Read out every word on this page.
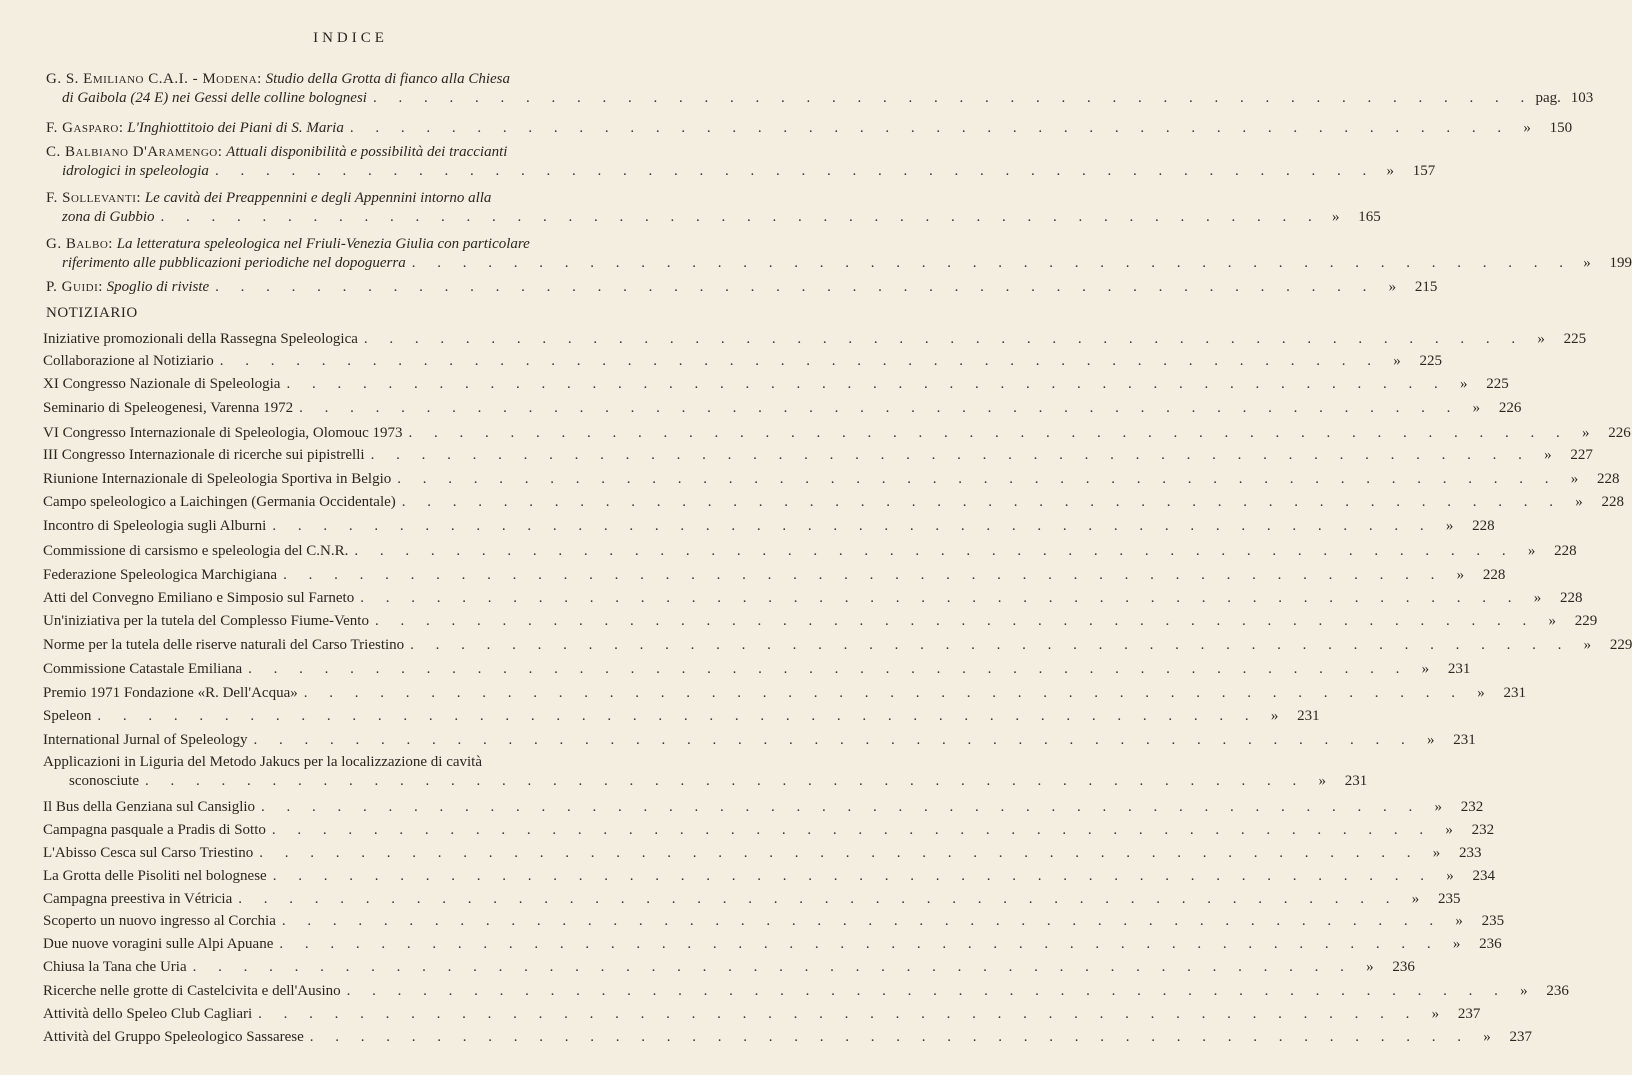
INDICE
G. S. Emiliano C.A.I. - Modena: Studio della Grotta di fianco alla Chiesa
di Gaibola (24 E) nei Gessi delle colline bolognesi . . .	pag. 103
F. Gasparo: L'Inghiottitoio dei Piani di S. Maria . . .	» 150
C. Balbiano D'Aramengo: Attuali disponibilità e possibilità dei traccianti
idrologici in speleologia . . .	» 157
F. Sollevanti: Le cavità dei Preappennini e degli Appennini intorno alla
zona di Gubbio . . .	» 165
G. Balbo: La letteratura speleologica nel Friuli-Venezia Giulia con particolare
riferimento alle pubblicazioni periodiche nel dopoguerra . . .	» 199
P. Guidi: Spoglio di riviste . . .	» 215
NOTIZIARIO
Iniziative promozionali della Rassegna Speleologica . . .	» 225
Collaborazione al Notiziario . . .	» 225
XI Congresso Nazionale di Speleologia . . .	» 225
Seminario di Speleogenesi, Varenna 1972 . . .	» 226
VI Congresso Internazionale di Speleologia, Olomouc 1973 . . .	» 226
III Congresso Internazionale di ricerche sui pipistrelli . . .	» 227
Riunione Internazionale di Speleologia Sportiva in Belgio . . .	» 228
Campo speleologico a Laichingen (Germania Occidentale) . . .	» 228
Incontro di Speleologia sugli Alburni . . .	» 228
Commissione di carsismo e speleologia del C.N.R. . . .	» 228
Federazione Speleologica Marchigiana . . .	» 228
Atti del Convegno Emiliano e Simposio sul Farneto . . .	» 228
Un'iniziativa per la tutela del Complesso Fiume-Vento . . .	» 229
Norme per la tutela delle riserve naturali del Carso Triestino . . .	» 229
Commissione Catastale Emiliana . . .	» 231
Premio 1971 Fondazione «R. Dell'Acqua» . . .	» 231
Speleon . . .	» 231
International Jurnal of Speleology . . .	» 231
Applicazioni in Liguria del Metodo Jakucs per la localizzazione di cavità
sconosciute . . .	» 231
Il Bus della Genziana sul Cansiglio . . .	» 232
Campagna pasquale a Pradis di Sotto . . .	» 232
L'Abisso Cesca sul Carso Triestino . . .	» 233
La Grotta delle Pisoliti nel bolognese . . .	» 234
Campagna preestiva in Vétricia . . .	» 235
Scoperto un nuovo ingresso al Corchia . . .	» 235
Due nuove voragini sulle Alpi Apuane . . .	» 236
Chiusa la Tana che Uria . . .	» 236
Ricerche nelle grotte di Castelcivita e dell'Ausino . . .	» 236
Attività dello Speleo Club Cagliari . . .	» 237
Attività del Gruppo Speleologico Sassarese . . .	» 237
